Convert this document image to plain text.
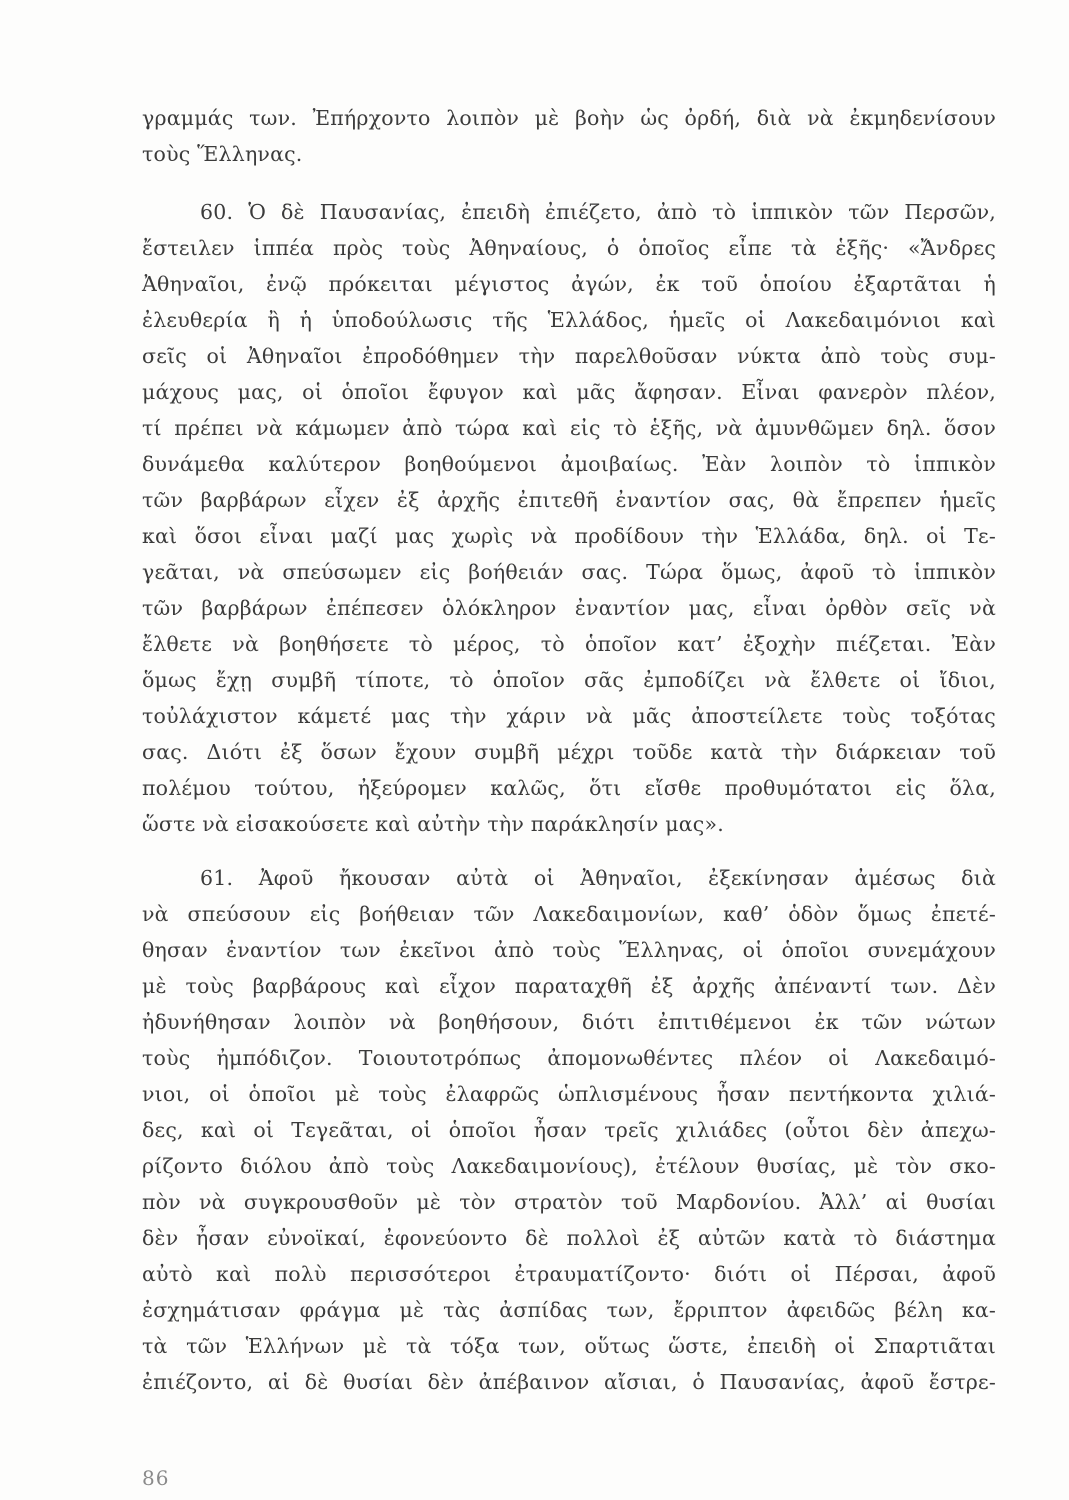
γραμμάς των. Ἐπήρχοντο λοιπὸν μὲ βοὴν ὡς ὀρδή, διὰ νὰ ἐκμηδενίσουν
τοὺς Ἕλληνας.
60. Ὁ δὲ Παυσανίας, ἐπειδὴ ἐπιέζετο, ἀπὸ τὸ ἱππικὸν τῶν Περσῶν,
ἔστειλεν ἱππέα πρὸς τοὺς Ἀθηναίους, ὁ ὁποῖος εἶπε τὰ ἑξῆς· «Ἄνδρες
Ἀθηναῖοι, ἐνῷ πρόκειται μέγιστος ἀγών, ἐκ τοῦ ὁποίου ἐξαρτᾶται ἡ
ἐλευθερία ἢ ἡ ὑποδούλωσις τῆς Ἑλλάδος, ἡμεῖς οἱ Λακεδαιμόνιοι καὶ
σεῖς οἱ Ἀθηναῖοι ἐπροδόθημεν τὴν παρελθοῦσαν νύκτα ἀπὸ τοὺς συμ-
μάχους μας, οἱ ὁποῖοι ἔφυγον καὶ μᾶς ἄφησαν. Εἶναι φανερὸν πλέον,
τί πρέπει νὰ κάμωμεν ἀπὸ τώρα καὶ εἰς τὸ ἑξῆς, νὰ ἀμυνθῶμεν δηλ. ὅσον
δυνάμεθα καλύτερον βοηθούμενοι ἀμοιβαίως. Ἐὰν λοιπὸν τὸ ἱππικὸν
τῶν βαρβάρων εἶχεν ἐξ ἀρχῆς ἐπιτεθῆ ἐναντίον σας, θὰ ἔπρεπεν ἡμεῖς
καὶ ὅσοι εἶναι μαζί μας χωρὶς νὰ προδίδουν τὴν Ἑλλάδα, δηλ. οἱ Τε-
γεᾶται, νὰ σπεύσωμεν εἰς βοήθειάν σας. Τώρα ὅμως, ἀφοῦ τὸ ἱππικὸν
τῶν βαρβάρων ἐπέπεσεν ὁλόκληρον ἐναντίον μας, εἶναι ὀρθὸν σεῖς νὰ
ἔλθετε νὰ βοηθήσετε τὸ μέρος, τὸ ὁποῖον κατ’ ἐξοχὴν πιέζεται. Ἐὰν
ὅμως ἔχῃ συμβῆ τίποτε, τὸ ὁποῖον σᾶς ἐμποδίζει νὰ ἔλθετε οἱ ἴδιοι,
τοὐλάχιστον κάμετέ μας τὴν χάριν νὰ μᾶς ἀποστείλετε τοὺς τοξότας
σας. Διότι ἐξ ὅσων ἔχουν συμβῆ μέχρι τοῦδε κατὰ τὴν διάρκειαν τοῦ
πολέμου τούτου, ἠξεύρομεν καλῶς, ὅτι εἴσθε προθυμότατοι εἰς ὅλα,
ὥστε νὰ εἰσακούσετε καὶ αὐτὴν τὴν παράκλησίν μας».
61. Ἀφοῦ ἤκουσαν αὐτὰ οἱ Ἀθηναῖοι, ἐξεκίνησαν ἀμέσως διὰ
νὰ σπεύσουν εἰς βοήθειαν τῶν Λακεδαιμονίων, καθ’ ὁδὸν ὅμως ἐπετέ-
θησαν ἐναντίον των ἐκεῖνοι ἀπὸ τοὺς Ἕλληνας, οἱ ὁποῖοι συνεμάχουν
μὲ τοὺς βαρβάρους καὶ εἶχον παραταχθῆ ἐξ ἀρχῆς ἀπέναντί των. Δὲν
ἠδυνήθησαν λοιπὸν νὰ βοηθήσουν, διότι ἐπιτιθέμενοι ἐκ τῶν νώτων
τοὺς ἠμπόδιζον. Τοιουτοτρόπως ἀπομονωθέντες πλέον οἱ Λακεδαιμό-
νιοι, οἱ ὁποῖοι μὲ τοὺς ἐλαφρῶς ὡπλισμένους ἦσαν πεντήκοντα χιλιά-
δες, καὶ οἱ Τεγεᾶται, οἱ ὁποῖοι ἦσαν τρεῖς χιλιάδες (οὗτοι δὲν ἀπεχω-
ρίζοντο διόλου ἀπὸ τοὺς Λακεδαιμονίους), ἐτέλουν θυσίας, μὲ τὸν σκο-
πὸν νὰ συγκρουσθοῦν μὲ τὸν στρατὸν τοῦ Μαρδονίου. Ἀλλ’ αἱ θυσίαι
δὲν ἦσαν εὐνοϊκαί, ἐφονεύοντο δὲ πολλοὶ ἐξ αὐτῶν κατὰ τὸ διάστημα
αὐτὸ καὶ πολὺ περισσότεροι ἐτραυματίζοντο· διότι οἱ Πέρσαι, ἀφοῦ
ἐσχημάτισαν φράγμα μὲ τὰς ἀσπίδας των, ἔρριπτον ἀφειδῶς βέλη κα-
τὰ τῶν Ἑλλήνων μὲ τὰ τόξα των, οὕτως ὥστε, ἐπειδὴ οἱ Σπαρτιᾶται
ἐπιέζοντο, αἱ δὲ θυσίαι δὲν ἀπέβαινον αἴσιαι, ὁ Παυσανίας, ἀφοῦ ἔστρε-
86
